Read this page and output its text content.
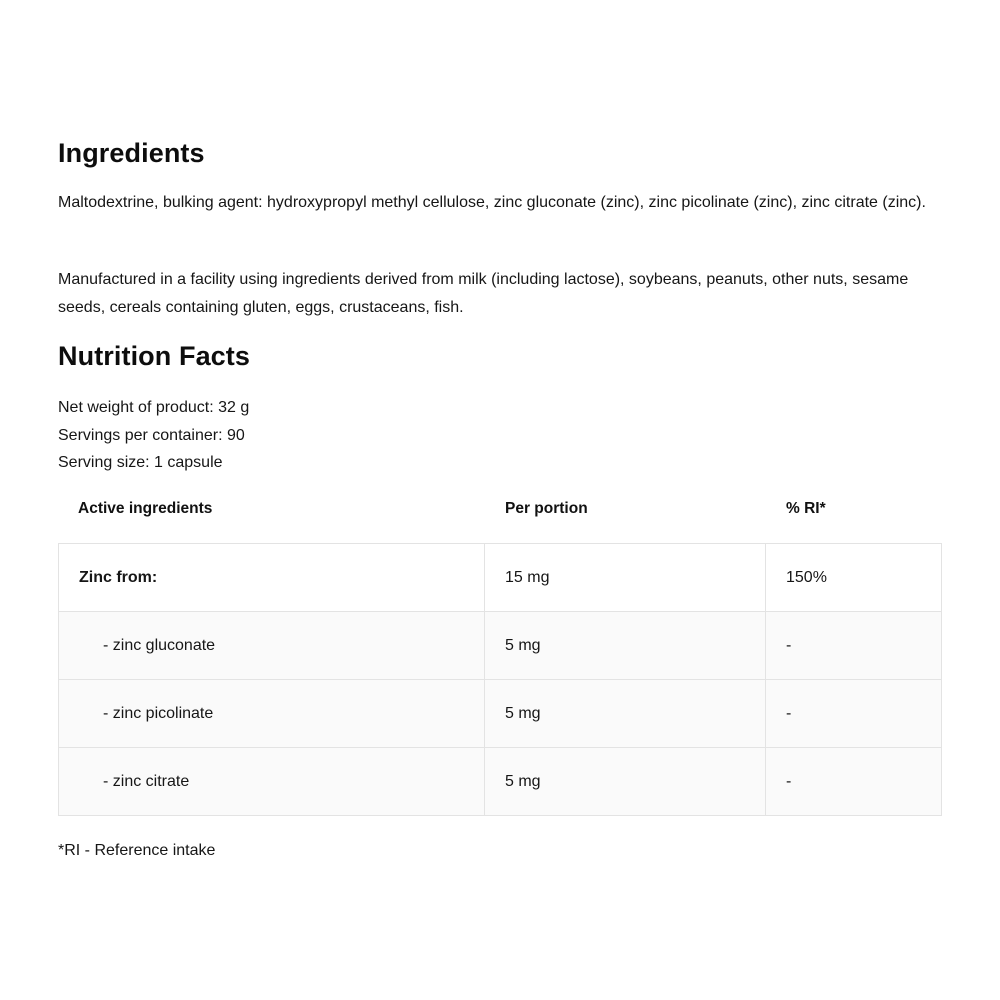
Ingredients

Maltodextrine, bulking agent: hydroxypropyl methyl cellulose, zinc gluconate (zinc), zinc picolinate (zinc), zinc citrate (zinc).

Manufactured in a facility using ingredients derived from milk (including lactose), soybeans, peanuts, other nuts, sesame seeds, cereals containing gluten, eggs, crustaceans, fish.

Nutrition Facts
Net weight of product: 32 g
Servings per container: 90
Serving size: 1 capsule
Active ingredients	Per portion	% RI*
Zinc from:	15 mg	150%
- zinc gluconate	5 mg	-
- zinc picolinate	5 mg	-
- zinc citrate	5 mg	-
*RI - Reference intake
